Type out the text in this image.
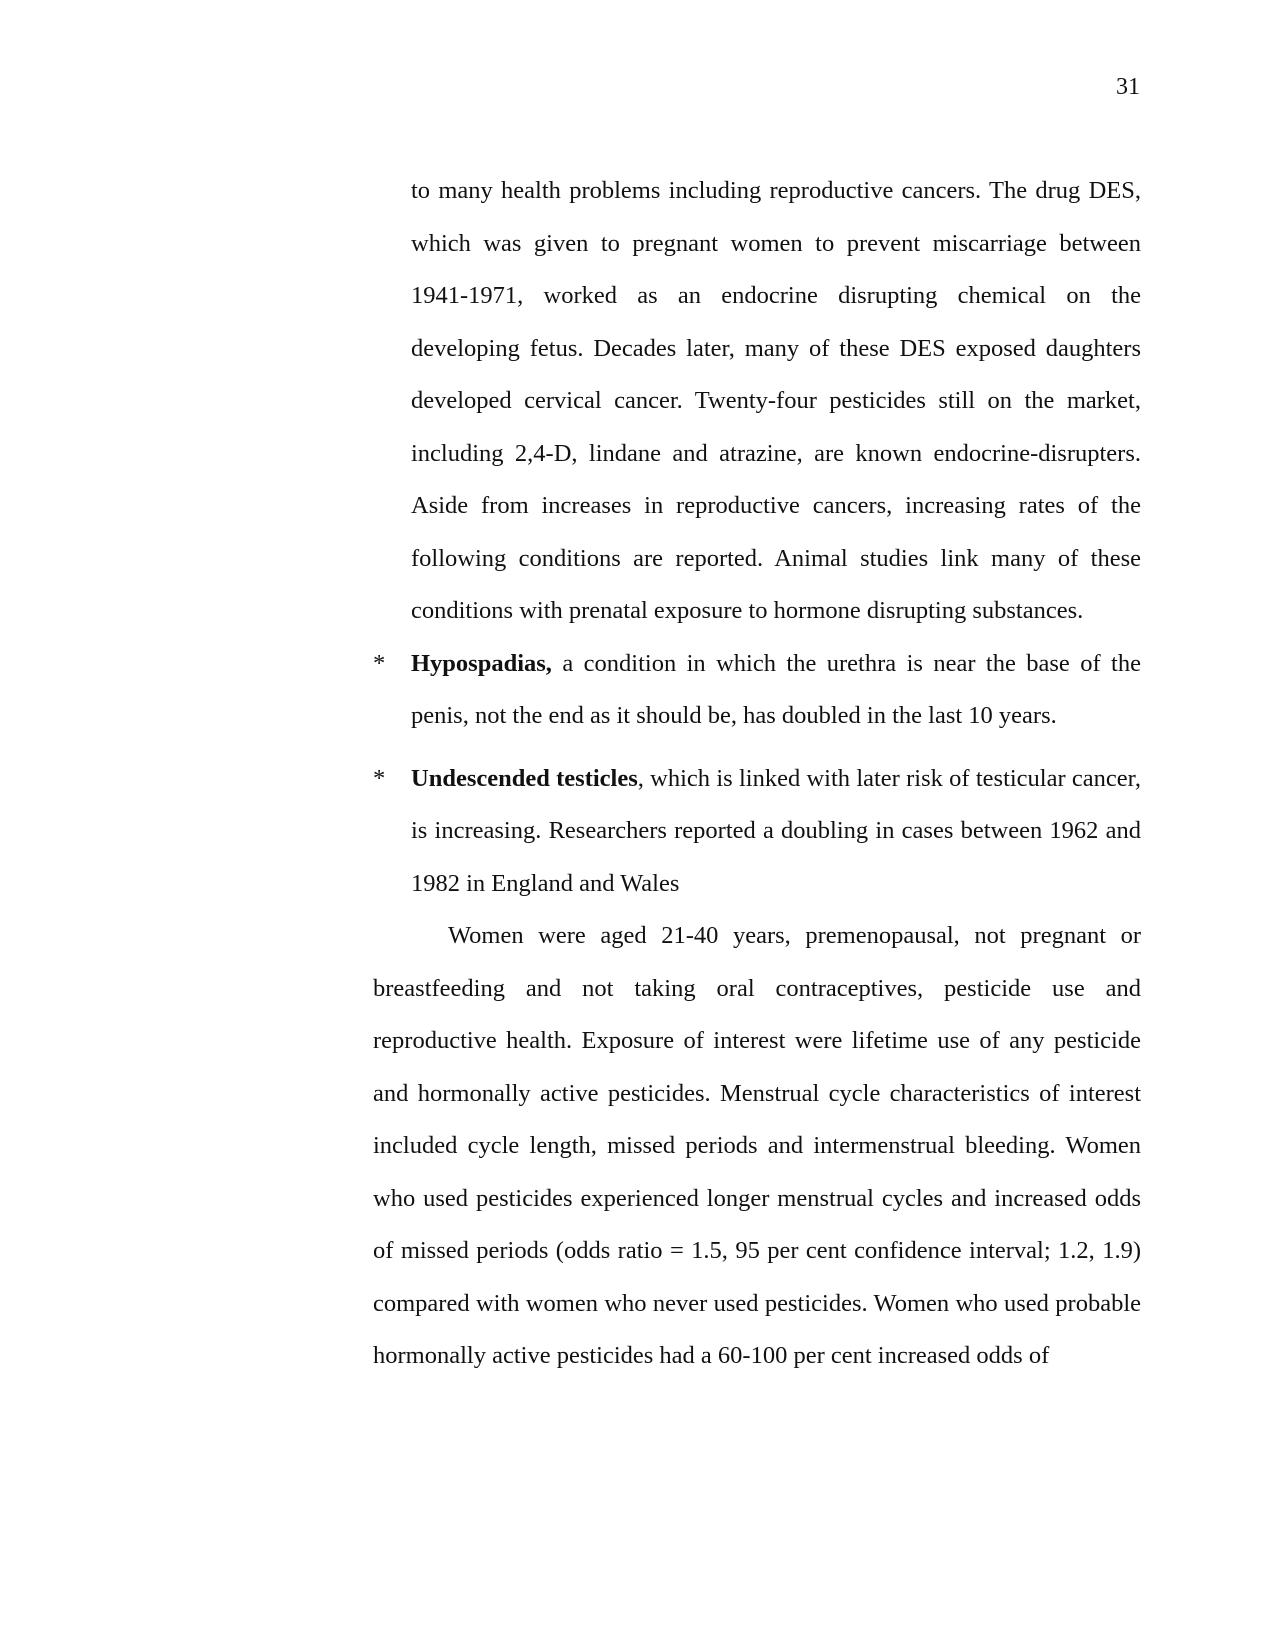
31

to many health problems including reproductive cancers. The drug DES, which was given to pregnant women to prevent miscarriage between 1941-1971, worked as an endocrine disrupting chemical on the developing fetus. Decades later, many of these DES exposed daughters developed cervical cancer. Twenty-four pesticides still on the market, including 2,4-D, lindane and atrazine, are known endocrine-disrupters. Aside from increases in reproductive cancers, increasing rates of the following conditions are reported. Animal studies link many of these conditions with prenatal exposure to hormone disrupting substances.

* Hypospadias, a condition in which the urethra is near the base of the penis, not the end as it should be, has doubled in the last 10 years.
* Undescended testicles, which is linked with later risk of testicular cancer, is increasing. Researchers reported a doubling in cases between 1962 and 1982 in England and Wales

Women were aged 21-40 years, premenopausal, not pregnant or breastfeeding and not taking oral contraceptives, pesticide use and reproductive health. Exposure of interest were lifetime use of any pesticide and hormonally active pesticides. Menstrual cycle characteristics of interest included cycle length, missed periods and intermenstrual bleeding. Women who used pesticides experienced longer menstrual cycles and increased odds of missed periods (odds ratio = 1.5, 95 per cent confidence interval; 1.2, 1.9) compared with women who never used pesticides. Women who used probable hormonally active pesticides had a 60-100 per cent increased odds of
